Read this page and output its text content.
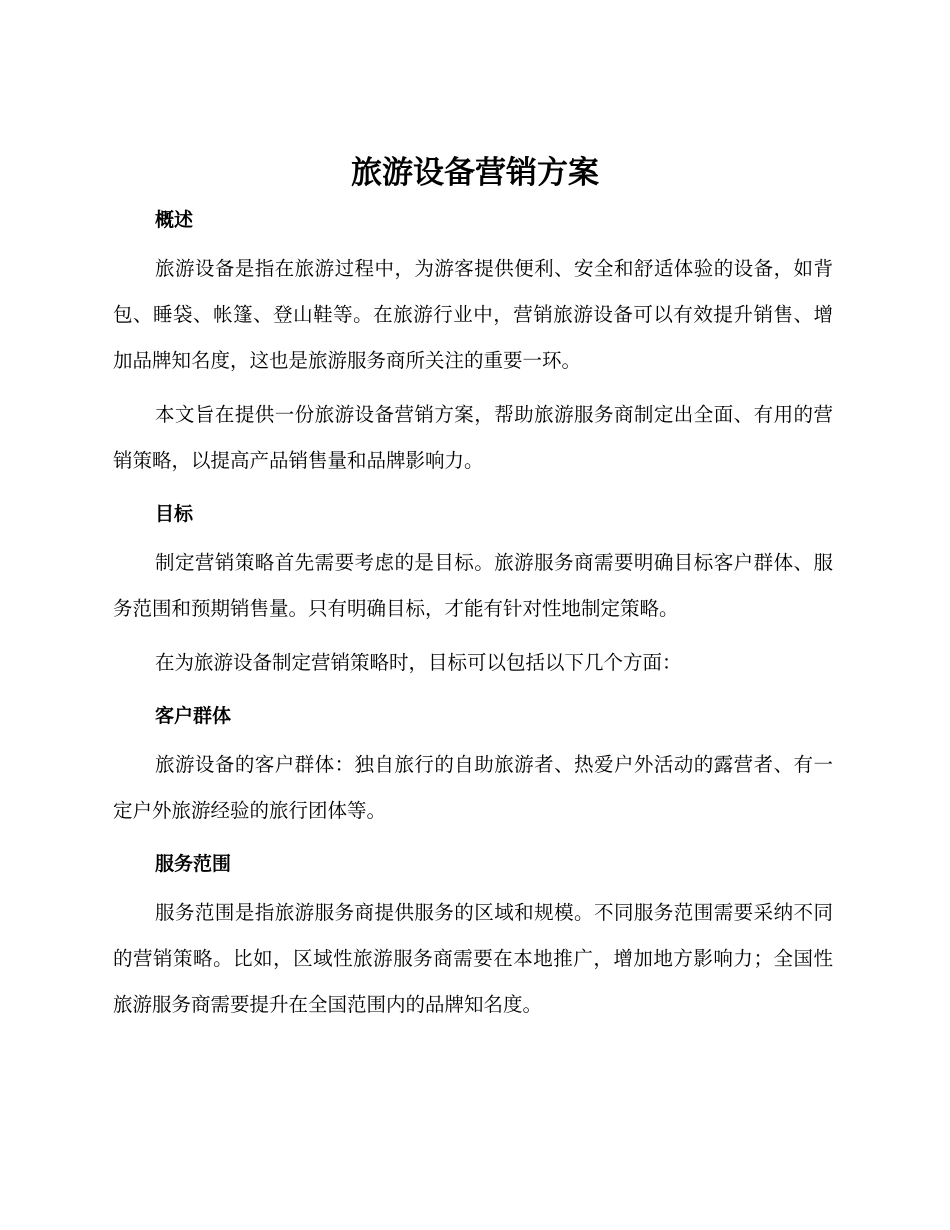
旅游设备营销方案
概述

旅游设备是指在旅游过程中，为游客提供便利、安全和舒适体验的设备，如背包、睡袋、帐篷、登山鞋等。在旅游行业中，营销旅游设备可以有效提升销售、增加品牌知名度，这也是旅游服务商所关注的重要一环。

本文旨在提供一份旅游设备营销方案，帮助旅游服务商制定出全面、有用的营销策略，以提高产品销售量和品牌影响力。

目标

制定营销策略首先需要考虑的是目标。旅游服务商需要明确目标客户群体、服务范围和预期销售量。只有明确目标，才能有针对性地制定策略。

在为旅游设备制定营销策略时，目标可以包括以下几个方面：

客户群体

旅游设备的客户群体：独自旅行的自助旅游者、热爱户外活动的露营者、有一定户外旅游经验的旅行团体等。

服务范围

服务范围是指旅游服务商提供服务的区域和规模。不同服务范围需要采纳不同的营销策略。比如，区域性旅游服务商需要在本地推广，增加地方影响力；全国性旅游服务商需要提升在全国范围内的品牌知名度。
